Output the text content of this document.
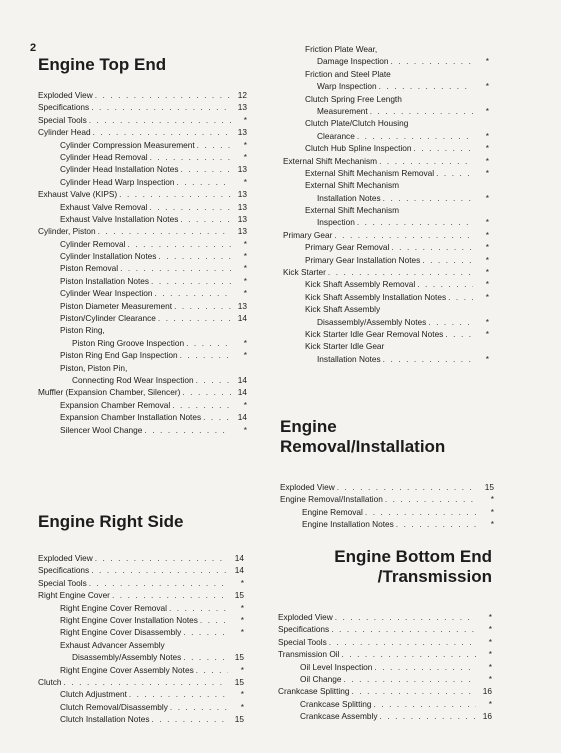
2
Engine Top End
Exploded View . . .	12
Specifications . . .	13
Special Tools . . .	*
Cylinder Head . . .	13
Cylinder Compression Measurement . . .	*
Cylinder Head Removal . . .	*
Cylinder Head Installation Notes . . .	13
Cylinder Head Warp Inspection . . .	*
Exhaust Valve (KIPS) . . .	13
Exhaust Valve Removal . . .	13
Exhaust Valve Installation Notes . . .	13
Cylinder, Piston . . .	13
Cylinder Removal . . .	*
Cylinder Installation Notes . . .	*
Piston Removal . . .	*
Piston Installation Notes . . .	*
Cylinder Wear Inspection . . .	*
Piston Diameter Measurement . . .	13
Piston/Cylinder Clearance . . .	14
Piston Ring,
Piston Ring Groove Inspection . . .	*
Piston Ring End Gap Inspection . . .	*
Piston, Piston Pin,
Connecting Rod Wear Inspection . . .	14
Muffler (Expansion Chamber, Silencer) . . .	14
Expansion Chamber Removal . . .	*
Expansion Chamber Installation Notes . . .	14
Silencer Wool Change . . .	*
Friction Plate Wear,
Damage Inspection . . .	*
Friction and Steel Plate
Warp Inspection . . .	*
Clutch Spring Free Length
Measurement . . .	*
Clutch Plate/Clutch Housing
Clearance . . .	*
Clutch Hub Spline Inspection . . .	*
External Shift Mechanism . . .	*
External Shift Mechanism Removal . . .	*
External Shift Mechanism
Installation Notes . . .	*
External Shift Mechanism
Inspection . . .	*
Primary Gear . . .	*
Primary Gear Removal . . .	*
Primary Gear Installation Notes . . .	*
Kick Starter . . .	*
Kick Shaft Assembly Removal . . .	*
Kick Shaft Assembly Installation Notes . . .	*
Kick Shaft Assembly
Disassembly/Assembly Notes . . .	*
Kick Starter Idle Gear Removal Notes . . .	*
Kick Starter Idle Gear
Installation Notes . . .	*
Engine Removal/Installation
Exploded View . . .	15
Engine Removal/Installation . . .	*
Engine Removal . . .	*
Engine Installation Notes . . .	*
Engine Right Side
Exploded View . . .	14
Specifications . . .	14
Special Tools . . .	*
Right Engine Cover . . .	15
Right Engine Cover Removal . . .	*
Right Engine Cover Installation Notes . . .	*
Right Engine Cover Disassembly . . .	*
Exhaust Advancer Assembly
Disassembly/Assembly Notes . . .	15
Right Engine Cover Assembly Notes . . .	*
Clutch . . .	15
Clutch Adjustment . . .	*
Clutch Removal/Disassembly . . .	*
Clutch Installation Notes . . .	15
Engine Bottom End
/Transmission
Exploded View . . .	*
Specifications . . .	*
Special Tools . . .	*
Transmission Oil . . .	*
Oil Level Inspection . . .	*
Oil Change . . .	*
Crankcase Splitting . . .	16
Crankcase Splitting . . .	*
Crankcase Assembly . . .	16
